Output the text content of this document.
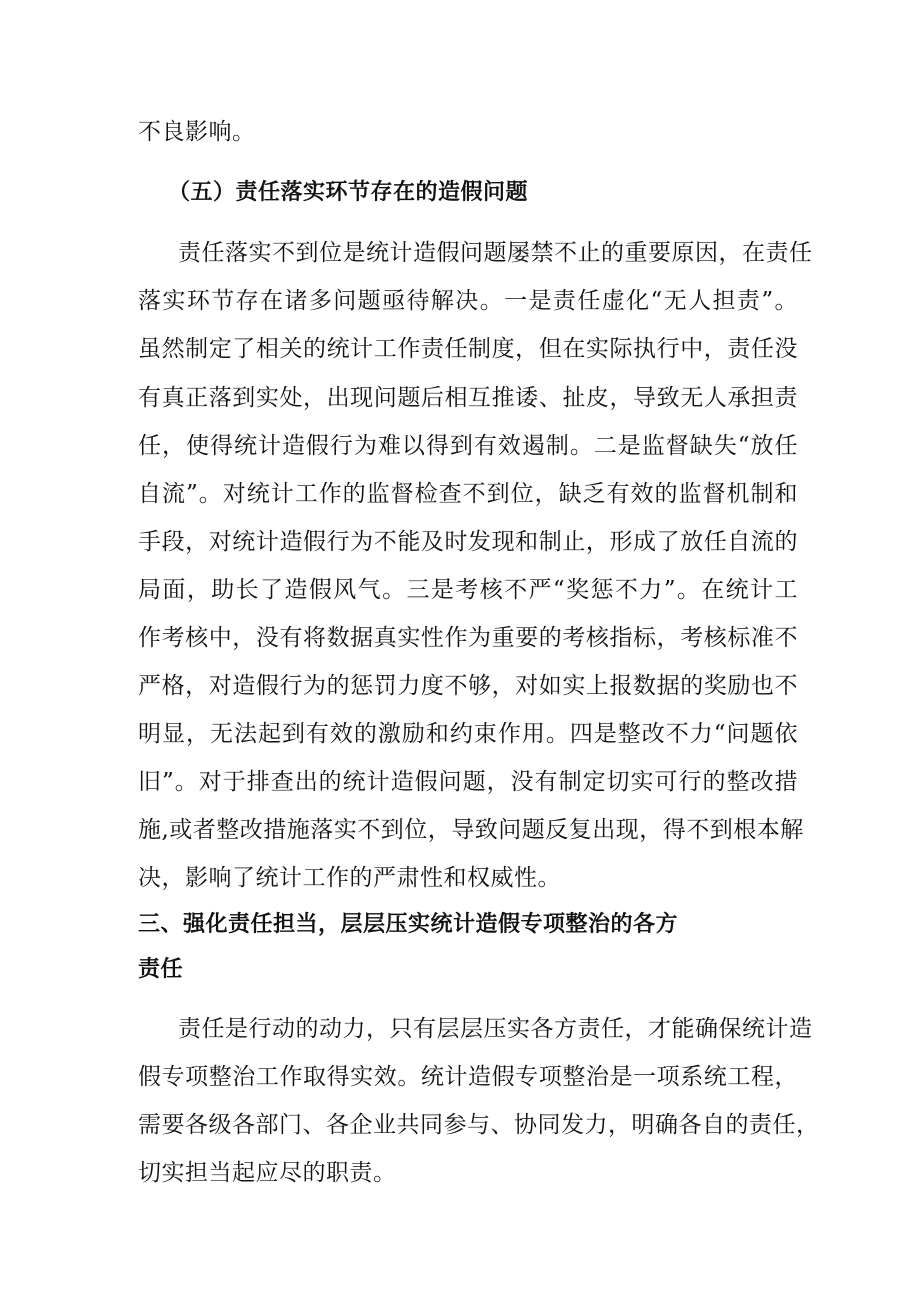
不良影响。
（五）责任落实环节存在的造假问题
责任落实不到位是统计造假问题屡禁不止的重要原因，在责任
落实环节存在诸多问题亟待解决。一是责任虚化“无人担责”。
虽然制定了相关的统计工作责任制度，但在实际执行中，责任没
有真正落到实处，出现问题后相互推诿、扯皮，导致无人承担责
任，使得统计造假行为难以得到有效遏制。二是监督缺失“放任
自流”。对统计工作的监督检查不到位，缺乏有效的监督机制和
手段，对统计造假行为不能及时发现和制止，形成了放任自流的
局面，助长了造假风气。三是考核不严“奖惩不力”。在统计工
作考核中，没有将数据真实性作为重要的考核指标，考核标准不
严格，对造假行为的惩罚力度不够，对如实上报数据的奖励也不
明显，无法起到有效的激励和约束作用。四是整改不力“问题依
旧”。对于排查出的统计造假问题，没有制定切实可行的整改措
施,或者整改措施落实不到位，导致问题反复出现，得不到根本解
决，影响了统计工作的严肃性和权威性。
三、强化责任担当，层层压实统计造假专项整治的各方
责任
责任是行动的动力，只有层层压实各方责任，才能确保统计造
假专项整治工作取得实效。统计造假专项整治是一项系统工程，
需要各级各部门、各企业共同参与、协同发力，明确各自的责任，
切实担当起应尽的职责。
